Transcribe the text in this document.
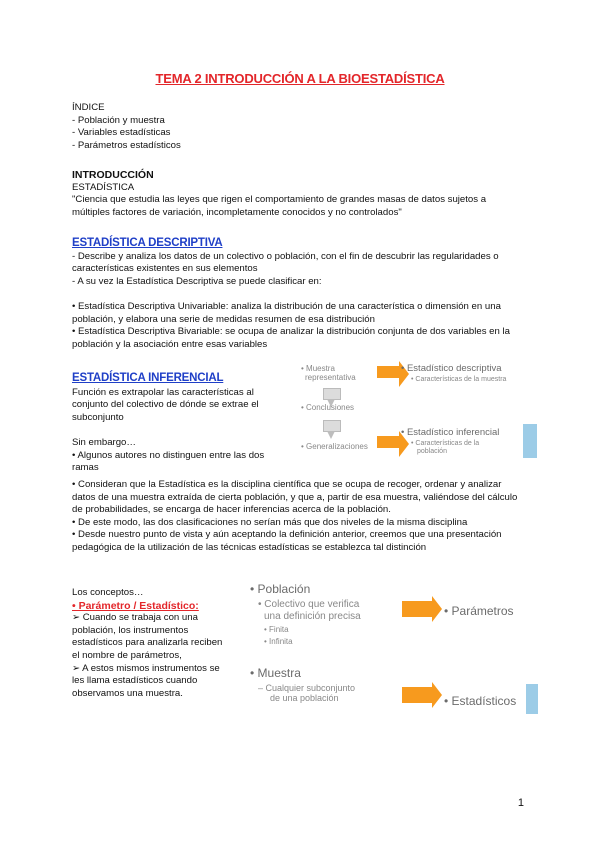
TEMA 2 INTRODUCCIÓN A LA BIOESTADÍSTICA
ÍNDICE
- Población y muestra
- Variables estadísticas
- Parámetros estadísticos
INTRODUCCIÓN
ESTADÍSTICA
"Ciencia que estudia las leyes que rigen el comportamiento de grandes masas de datos sujetos a
múltiples factores de variación, incompletamente conocidos y no controlados"
ESTADÍSTICA DESCRIPTIVA
- Describe y analiza los datos de un colectivo o población, con el fin de descubrir las regularidades o
características existentes en sus elementos
- A su vez la Estadística Descriptiva se puede clasificar en:
• Estadística Descriptiva Univariable: analiza la distribución de una característica o dimensión en una
población, y elabora una serie de medidas resumen de esa distribución
• Estadística Descriptiva Bivariable: se ocupa de analizar la distribución conjunta de dos variables en la
población y la asociación entre esas variables
ESTADÍSTICA INFERENCIAL
Función es extrapolar las características al
conjunto del colectivo de dónde se extrae el
subconjunto
Sin embargo…
• Algunos autores no distinguen entre las dos
ramas
• Consideran que la Estadística es la disciplina científica que se ocupa de recoger, ordenar y analizar
datos de una muestra extraída de cierta población, y que a, partir de esa muestra, valiéndose del cálculo
de probabilidades, se encarga de hacer inferencias acerca de la población.
• De este modo, las dos clasificaciones no serían más que dos niveles de la misma disciplina
• Desde nuestro punto de vista y aún aceptando la definición anterior, creemos que una presentación
pedagógica de la utilización de las técnicas estadísticas se establezca tal distinción
• Muestra
representativa
• Conclusiones
• Generalizaciones
• Estadístico descriptiva
• Características de la muestra
• Estadístico inferencial
• Características de la
población
Los conceptos…
• Parámetro / Estadístico:
➢ Cuando se trabaja con una
población, los instrumentos
estadísticos para analizarla reciben
el nombre de parámetros,
➢ A estos mismos instrumentos se
les llama estadísticos cuando
observamos una muestra.
• Población
• Colectivo que verifica
una definición precisa
• Finita
• Infinita
• Parámetros
• Muestra
– Cualquier subconjunto
de una población	• Estadísticos
1
